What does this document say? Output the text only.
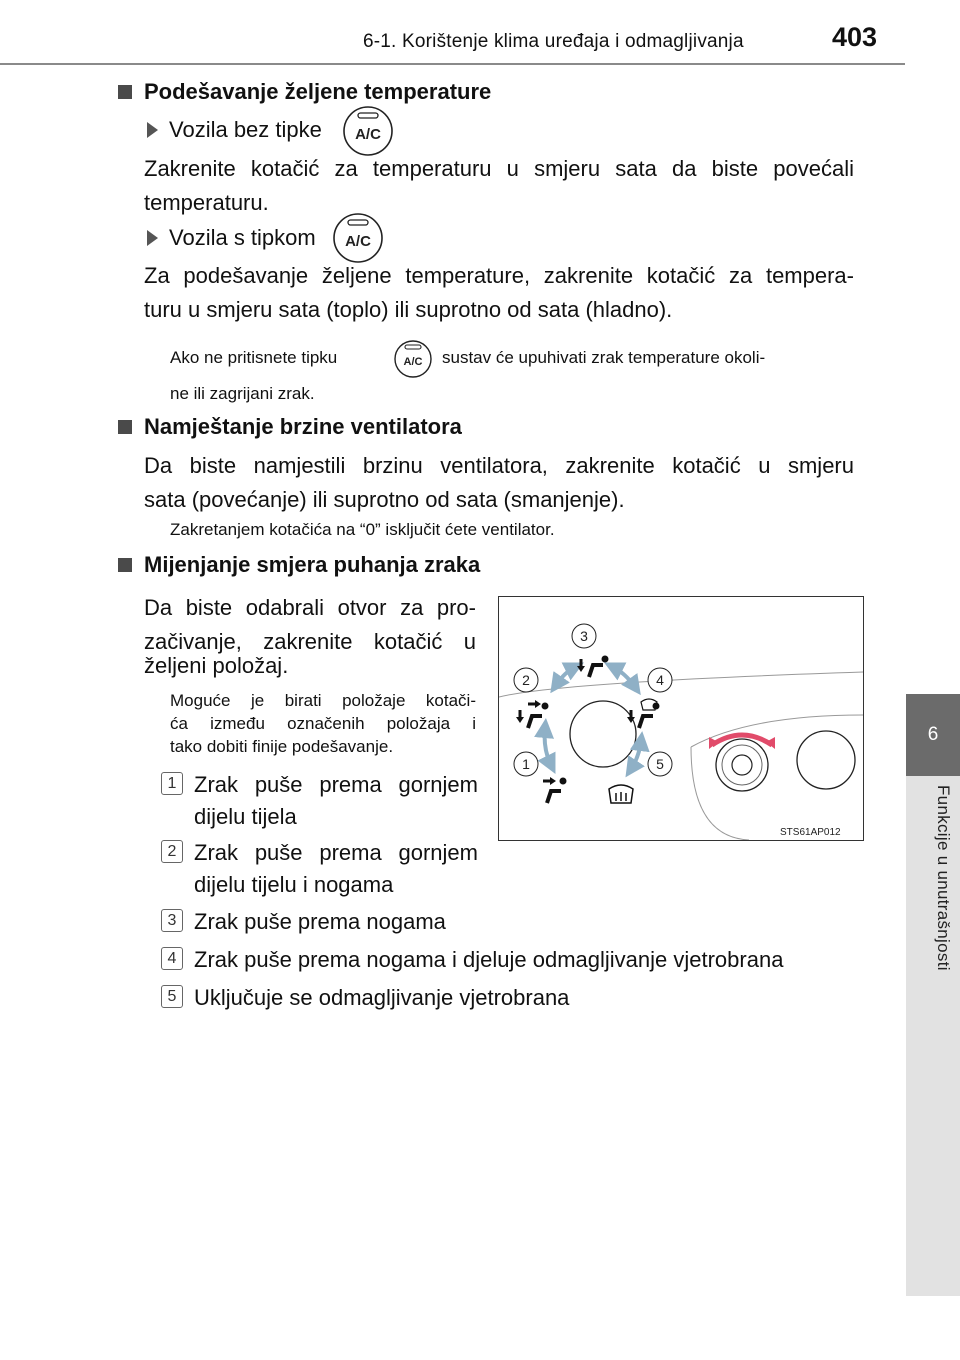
6-1. Korištenje klima uređaja i odmagljivanja	403
6
Funkcije u unutrašnjosti
Podešavanje željene temperature
Vozila bez tipke A/C
Zakrenite kotačić za temperaturu u smjeru sata da biste povećali
temperaturu.
Vozila s tipkom A/C
Za podešavanje željene temperature, zakrenite kotačić za tempera-
turu u smjeru sata (toplo) ili suprotno od sata (hladno).
Ako ne pritisnete tipku	A/C sustav će upuhivati zrak temperature okoli-
ne ili zagrijani zrak.
Namještanje brzine ventilatora
Da biste namjestili brzinu ventilatora, zakrenite kotačić u smjeru
sata (povećanje) ili suprotno od sata (smanjenje).
Zakretanjem kotačića na “0” isključit ćete ventilator.
Mijenjanje smjera puhanja zraka
Da biste odabrali otvor za pro-
začivanje, zakrenite kotačić u
željeni položaj.
Moguće je birati položaje kotači-
ća između označenih položaja i
tako dobiti finije podešavanje.
1 Zrak puše prema gornjem
dijelu tijela
2 Zrak puše prema gornjem
dijelu tijelu i nogama
3 Zrak puše prema nogama
4 Zrak puše prema nogama i djeluje odmagljivanje vjetrobrana
5 Uključuje se odmagljivanje vjetrobrana
3
2	4
1	5
STS61AP012
